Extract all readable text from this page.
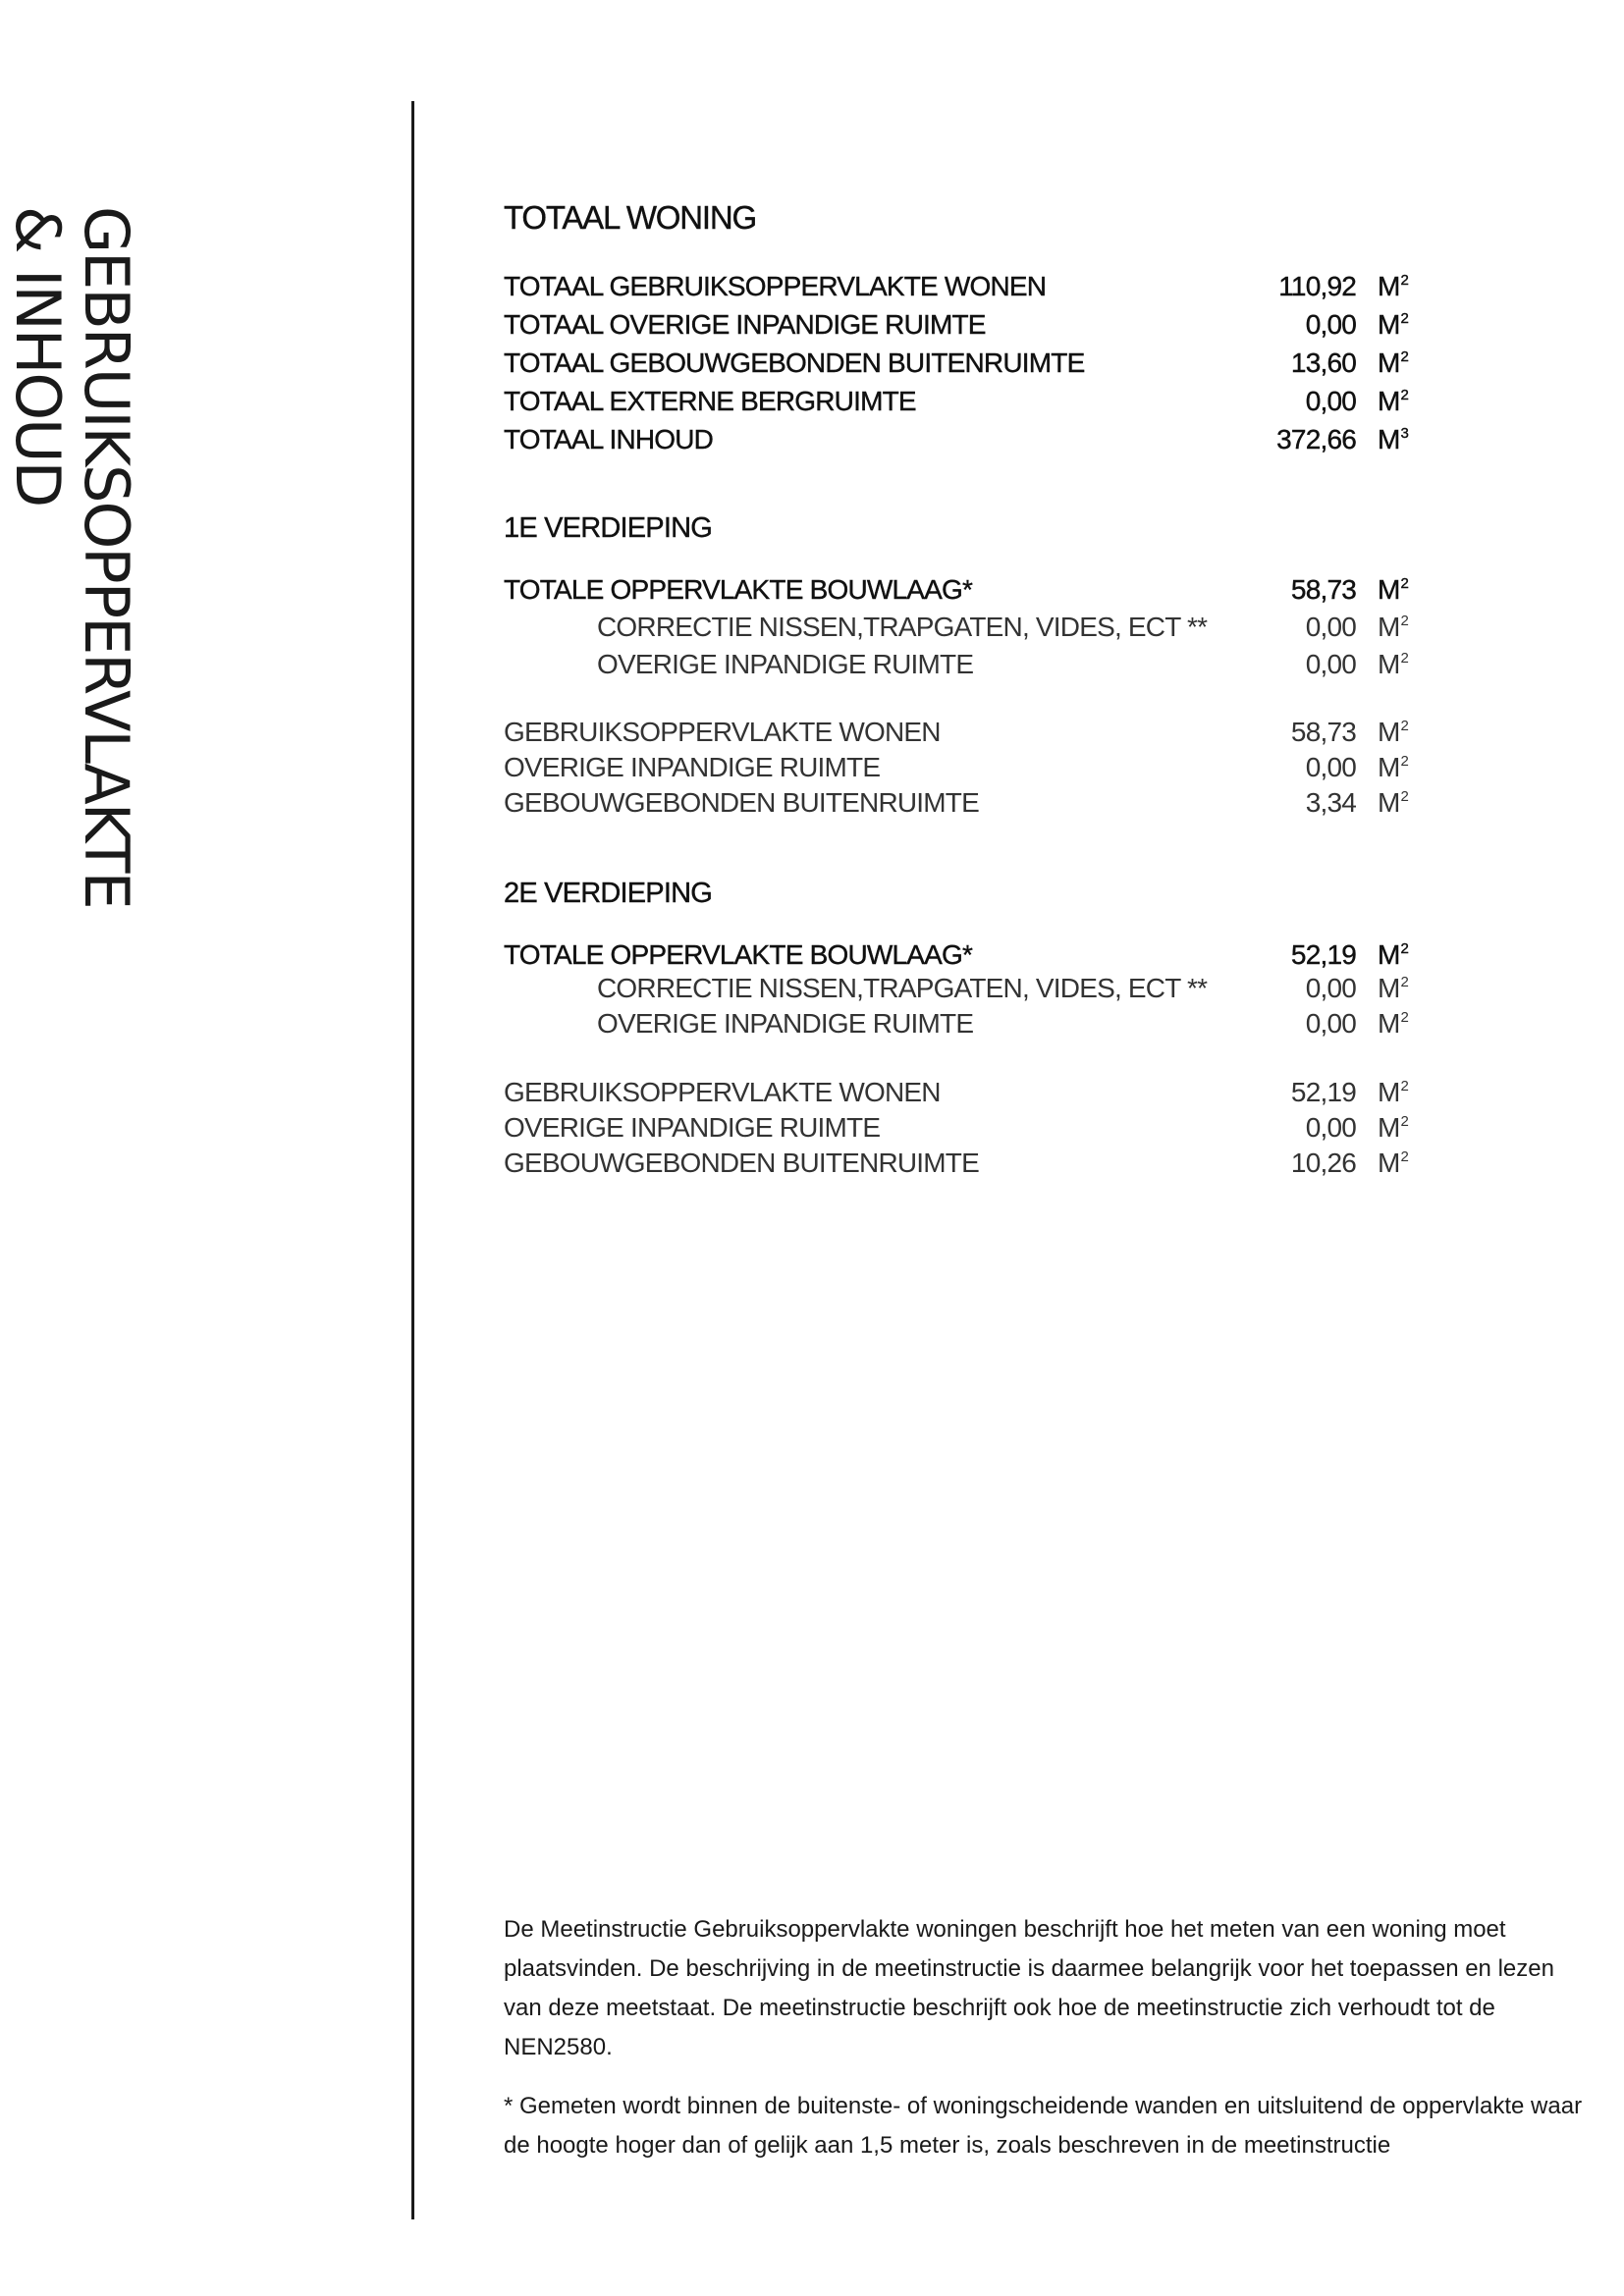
GEBRUIKSOPPERVLAKTE
& INHOUD	TOTAAL WONING
TOTAAL GEBRUIKSOPPERVLAKTE WONEN	110,92 $M^2$
TOTAAL OVERIGE INPANDIGE RUIMTE	0,00 $M^2$
TOTAAL GEBOUWGEBONDEN BUITENRUIMTE	13,60 $M^2$
TOTAAL EXTERNE BERGRUIMTE	0,00 $M^2$
TOTAAL INHOUD	372,66 $M^3$
1E VERDIEPING
TOTALE OPPERVLAKTE BOUWLAAG*	58,73 $M^2$
CORRECTIE NISSEN,TRAPGATEN, VIDES, ECT **	0,00 $M^2$
OVERIGE INPANDIGE RUIMTE	0,00 $M^2$
GEBRUIKSOPPERVLAKTE WONEN	58,73 $M^2$
OVERIGE INPANDIGE RUIMTE	0,00 $M^2$
GEBOUWGEBONDEN BUITENRUIMTE	3,34 $M^2$
2E VERDIEPING
TOTALE OPPERVLAKTE BOUWLAAG*	52,19 $M^2$
CORRECTIE NISSEN,TRAPGATEN, VIDES, ECT **	0,00 $M^2$
OVERIGE INPANDIGE RUIMTE	0,00 $M^2$
GEBRUIKSOPPERVLAKTE WONEN	52,19 $M^2$
OVERIGE INPANDIGE RUIMTE	0,00 $M^2$
GEBOUWGEBONDEN BUITENRUIMTE	10,26 $M^2$
De Meetinstructie Gebruiksoppervlakte woningen beschrijft hoe het meten van een woning moet plaatsvinden. De beschrijving in de meetinstructie is daarmee belangrijk voor het toepassen en lezen van deze meetstaat. De meetinstructie beschrijft ook hoe de meetinstructie zich verhoudt tot de NEN2580.
* Gemeten wordt binnen de buitenste- of woningscheidende wanden en uitsluitend de oppervlakte waar de hoogte hoger dan of gelijk aan 1,5 meter is, zoals beschreven in de meetinstructie
